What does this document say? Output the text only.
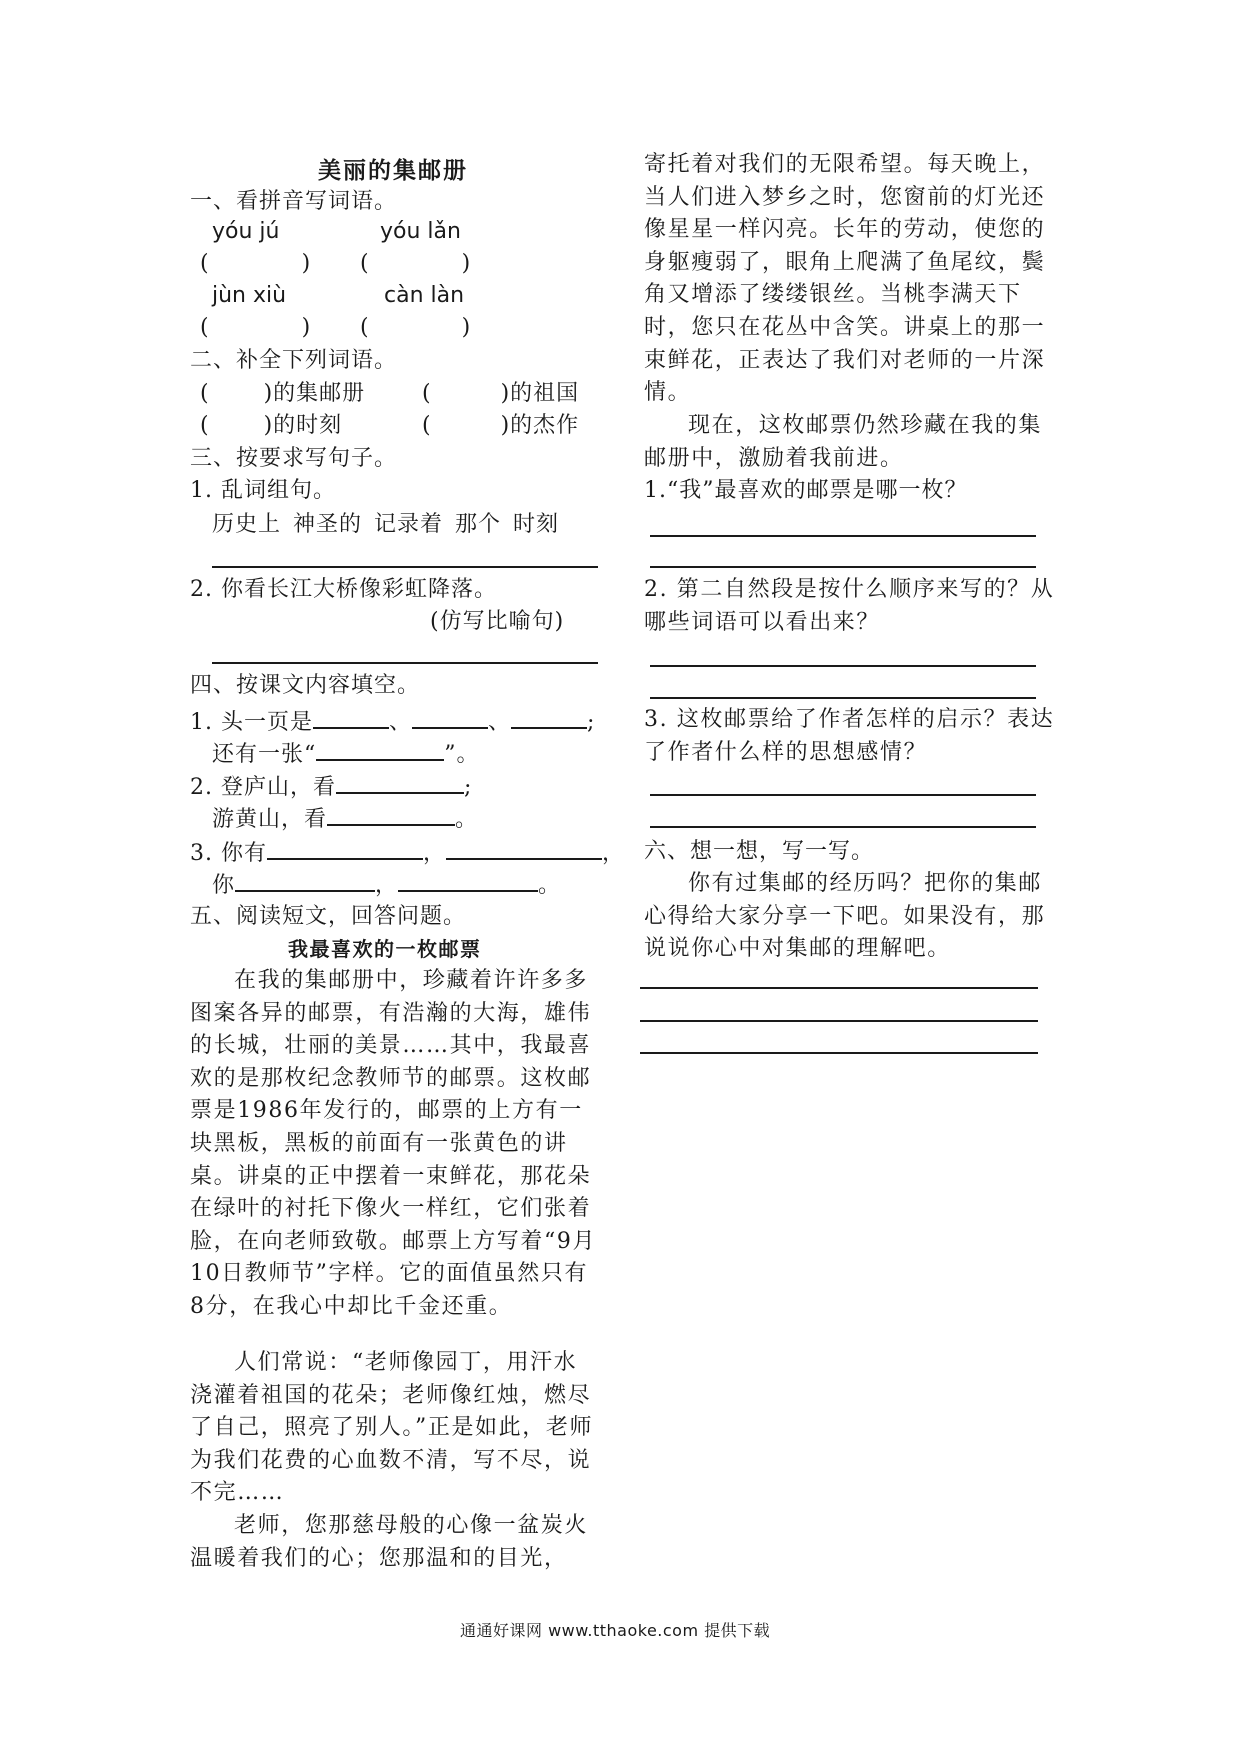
美丽的集邮册
一、看拼音写词语。
yóu jú	yóu lǎn
(　　　　) (　　　　)
jùn xiù	càn làn
(　　　　) (　　　　)
二、补全下列词语。
(　　 )的集邮册	(　　　)的祖国
(　　 )的时刻	(　　　)的杰作
三、按要求写句子。
1. 乱词组句。
历史上 神圣的 记录着 那个 时刻
2. 你看长江大桥像彩虹降落。
(仿写比喻句)
四、按课文内容填空。
1. 头一页是	、	、	;
还有一张“	”。
2. 登庐山，看	;
游黄山，看	。
3. 你有	，	，
你	，	。
五、阅读短文，回答问题。
我最喜欢的一枚邮票
在我的集邮册中，珍藏着许许多多图案各异的邮票，有浩瀚的大海，雄伟的长城，壮丽的美景……其中，我最喜欢的是那枚纪念教师节的邮票。这枚邮票是1986年发行的，邮票的上方有一块黑板，黑板的前面有一张黄色的讲桌。讲桌的正中摆着一束鲜花，那花朵在绿叶的衬托下像火一样红，它们张着脸，在向老师致敬。邮票上方写着“9月10日教师节”字样。它的面值虽然只有8分，在我心中却比千金还重。
人们常说：“老师像园丁，用汗水浇灌着祖国的花朵；老师像红烛，燃尽了自己，照亮了别人。”正是如此，老师为我们花费的心血数不清，写不尽，说不完……
老师，您那慈母般的心像一盆炭火温暖着我们的心；您那温和的目光，
现在，这枚邮票仍然珍藏在我的集邮册中，激励着我前进。
寄托着对我们的无限希望。每天晚上，当人们进入梦乡之时，您窗前的灯光还像星星一样闪亮。长年的劳动，使您的身躯瘦弱了，眼角上爬满了鱼尾纹，鬓角又增添了缕缕银丝。当桃李满天下时，您只在花丛中含笑。讲桌上的那一束鲜花，正表达了我们对老师的一片深情。
1.“我”最喜欢的邮票是哪一枚？
2. 第二自然段是按什么顺序来写的？从哪些词语可以看出来？
3. 这枚邮票给了作者怎样的启示？表达了作者什么样的思想感情？
六、想一想，写一写。
你有过集邮的经历吗？把你的集邮心得给大家分享一下吧。如果没有，那说说你心中对集邮的理解吧。
通通好课网 www.tthaoke.com 提供下载
